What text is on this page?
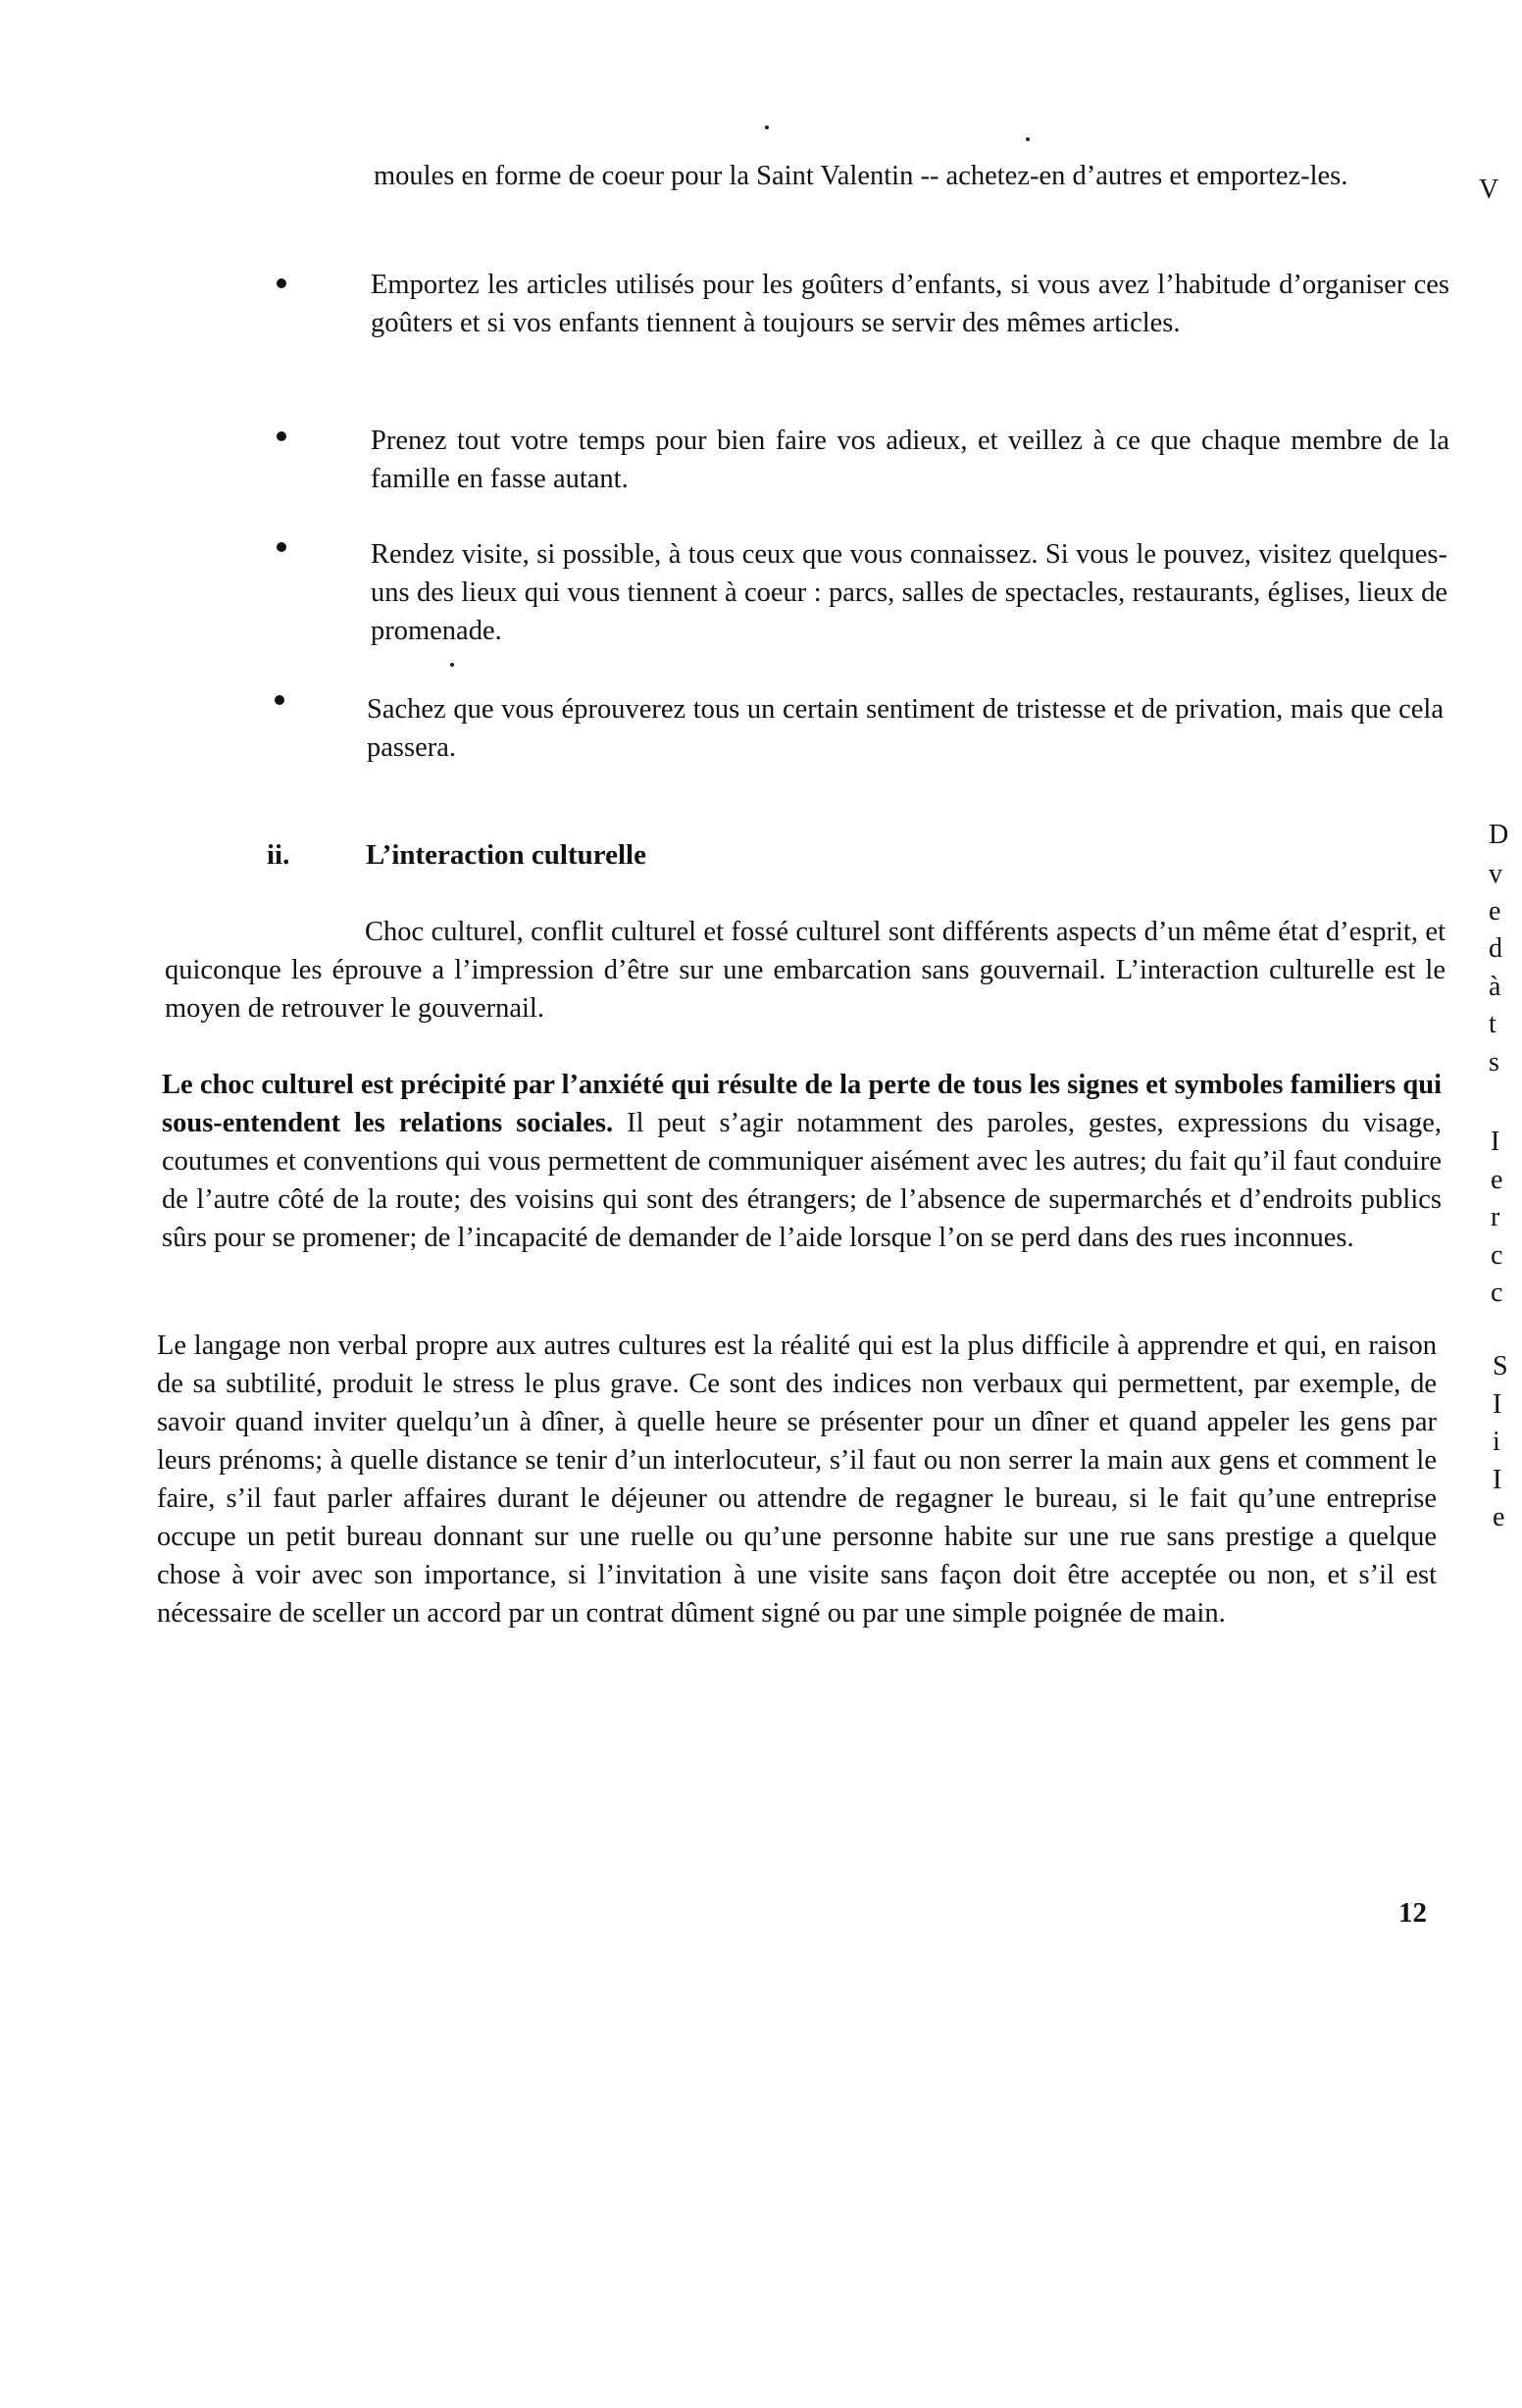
moules en forme de coeur pour la Saint Valentin -- achetez-en d’autres et emportez-les.

Emportez les articles utilisés pour les goûters d’enfants, si vous avez l’habitude d’organiser ces goûters et si vos enfants tiennent à toujours se servir des mêmes articles.

Prenez tout votre temps pour bien faire vos adieux, et veillez à ce que chaque membre de la famille en fasse autant.

Rendez visite, si possible, à tous ceux que vous connaissez. Si vous le pouvez, visitez quelques-uns des lieux qui vous tiennent à coeur : parcs, salles de spectacles, restaurants, églises, lieux de promenade.

Sachez que vous éprouverez tous un certain sentiment de tristesse et de privation, mais que cela passera.

ii.	L’interaction culturelle

Choc culturel, conflit culturel et fossé culturel sont différents aspects d’un même état d’esprit, et quiconque les éprouve a l’impression d’être sur une embarcation sans gouvernail. L’interaction culturelle est le moyen de retrouver le gouvernail.

Le choc culturel est précipité par l’anxiété qui résulte de la perte de tous les signes et symboles familiers qui sous-entendent les relations sociales. Il peut s’agir notamment des paroles, gestes, expressions du visage, coutumes et conventions qui vous permettent de communiquer aisément avec les autres; du fait qu’il faut conduire de l’autre côté de la route; des voisins qui sont des étrangers; de l’absence de supermarchés et d’endroits publics sûrs pour se promener; de l’incapacité de demander de l’aide lorsque l’on se perd dans des rues inconnues.

Le langage non verbal propre aux autres cultures est la réalité qui est la plus difficile à apprendre et qui, en raison de sa subtilité, produit le stress le plus grave. Ce sont des indices non verbaux qui permettent, par exemple, de savoir quand inviter quelqu’un à dîner, à quelle heure se présenter pour un dîner et quand appeler les gens par leurs prénoms; à quelle distance se tenir d’un interlocuteur, s’il faut ou non serrer la main aux gens et comment le faire, s’il faut parler affaires durant le déjeuner ou attendre de regagner le bureau, si le fait qu’une entreprise occupe un petit bureau donnant sur une ruelle ou qu’une personne habite sur une rue sans prestige a quelque chose à voir avec son importance, si l’invitation à une visite sans façon doit être acceptée ou non, et s’il est nécessaire de sceller un accord par un contrat dûment signé ou par une simple poignée de main.

12
V
D
v
e
d
à
t
s
I
e
r
c
c
S
I
i
I
e
